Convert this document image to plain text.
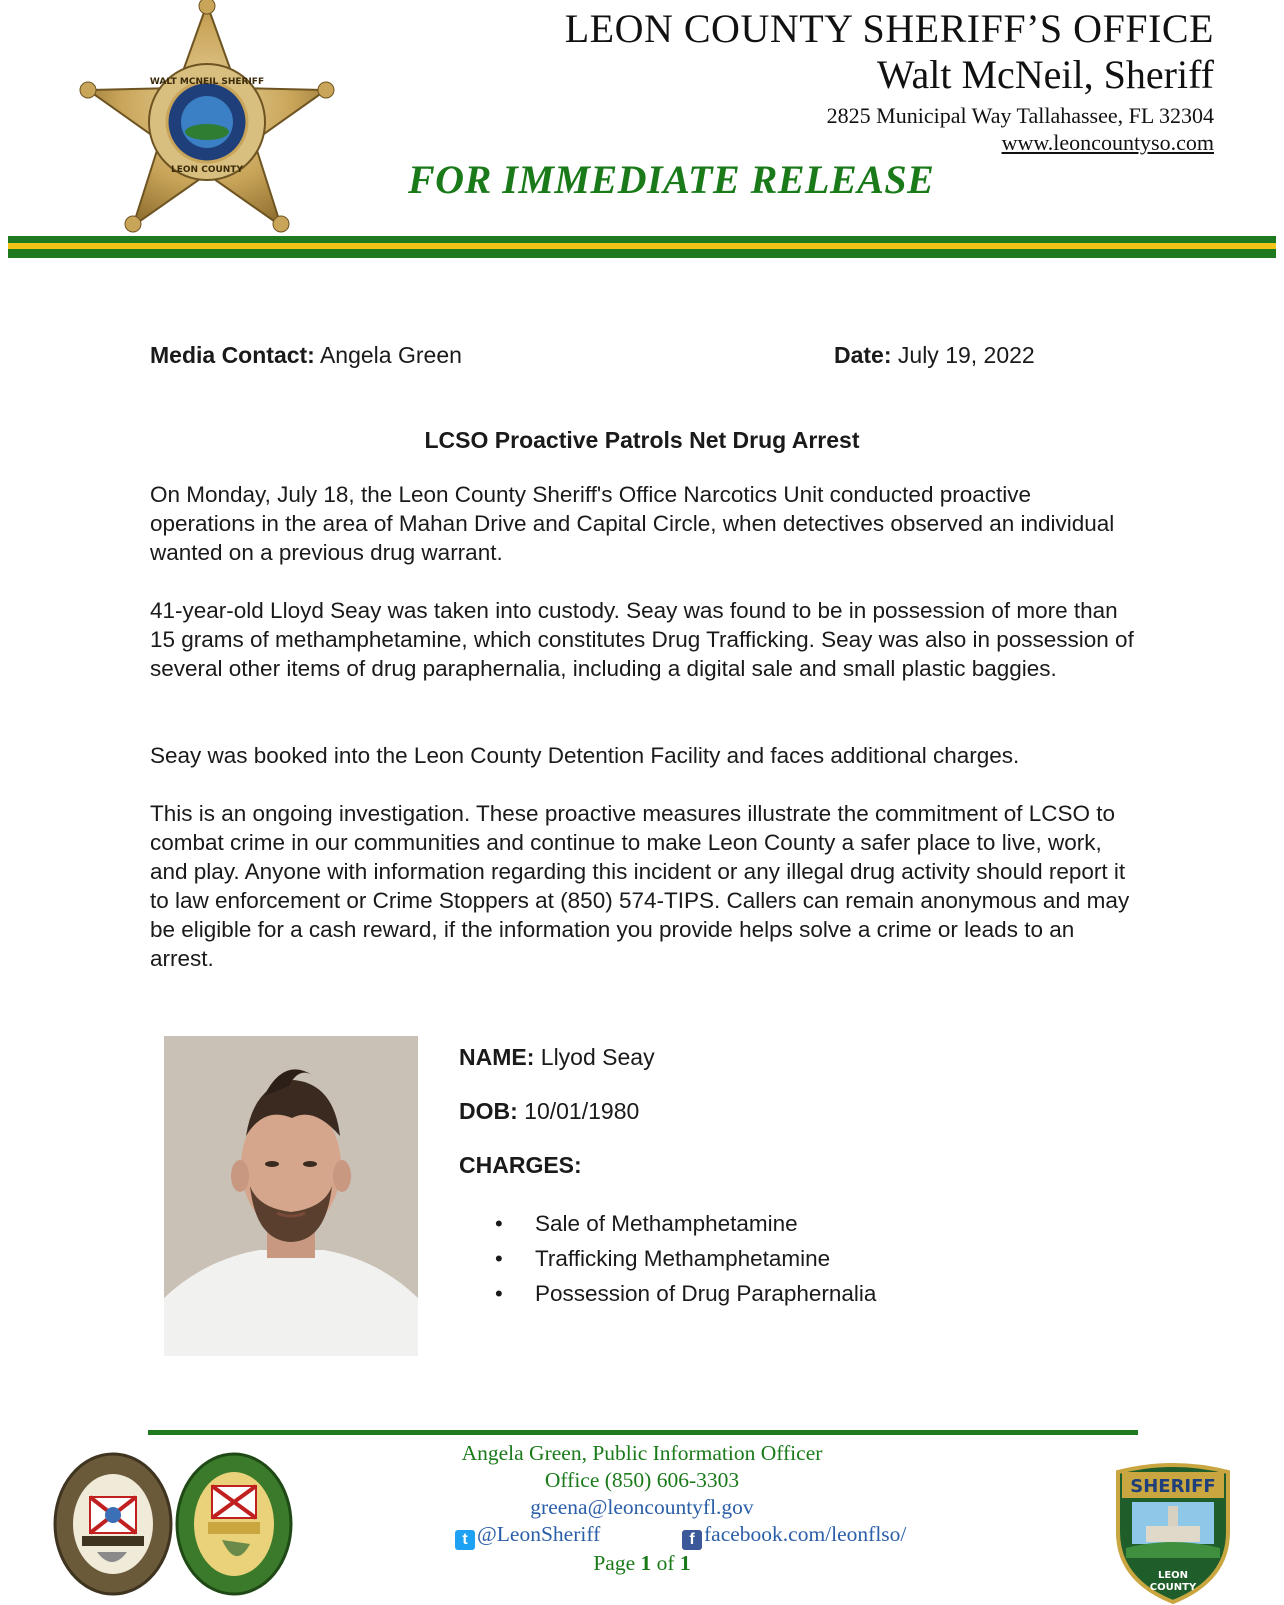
WALT MCNEIL SHERIFF
LEON COUNTY
LEON COUNTY SHERIFF’S OFFICE
Walt McNeil, Sheriff
2825 Municipal Way Tallahassee, FL 32304
www.leoncountyso.com
FOR IMMEDIATE RELEASE
Media Contact: Angela Green	Date: July 19, 2022
LCSO Proactive Patrols Net Drug Arrest

On Monday, July 18, the Leon County Sheriff's Office Narcotics Unit conducted proactive operations in the area of Mahan Drive and Capital Circle, when detectives observed an individual wanted on a previous drug warrant.

41-year-old Lloyd Seay was taken into custody. Seay was found to be in possession of more than 15 grams of methamphetamine, which constitutes Drug Trafficking. Seay was also in possession of several other items of drug paraphernalia, including a digital sale and small plastic baggies.

Seay was booked into the Leon County Detention Facility and faces additional charges.

This is an ongoing investigation. These proactive measures illustrate the commitment of LCSO to combat crime in our communities and continue to make Leon County a safer place to live, work, and play. Anyone with information regarding this incident or any illegal drug activity should report it to law enforcement or Crime Stoppers at (850) 574-TIPS. Callers can remain anonymous and may be eligible for a cash reward, if the information you provide helps solve a crime or leads to an arrest.

NAME: Llyod Seay
DOB: 10/01/1980
CHARGES:
• Sale of Methamphetamine
• Trafficking Methamphetamine
• Possession of Drug Paraphernalia
Angela Green, Public Information Officer
Office (850) 606-3303
greena@leoncountyfl.gov
t @LeonSheriff	f facebook.com/leonflso/
Page 1 of 1
SHERIFF
LEON
COUNTY
